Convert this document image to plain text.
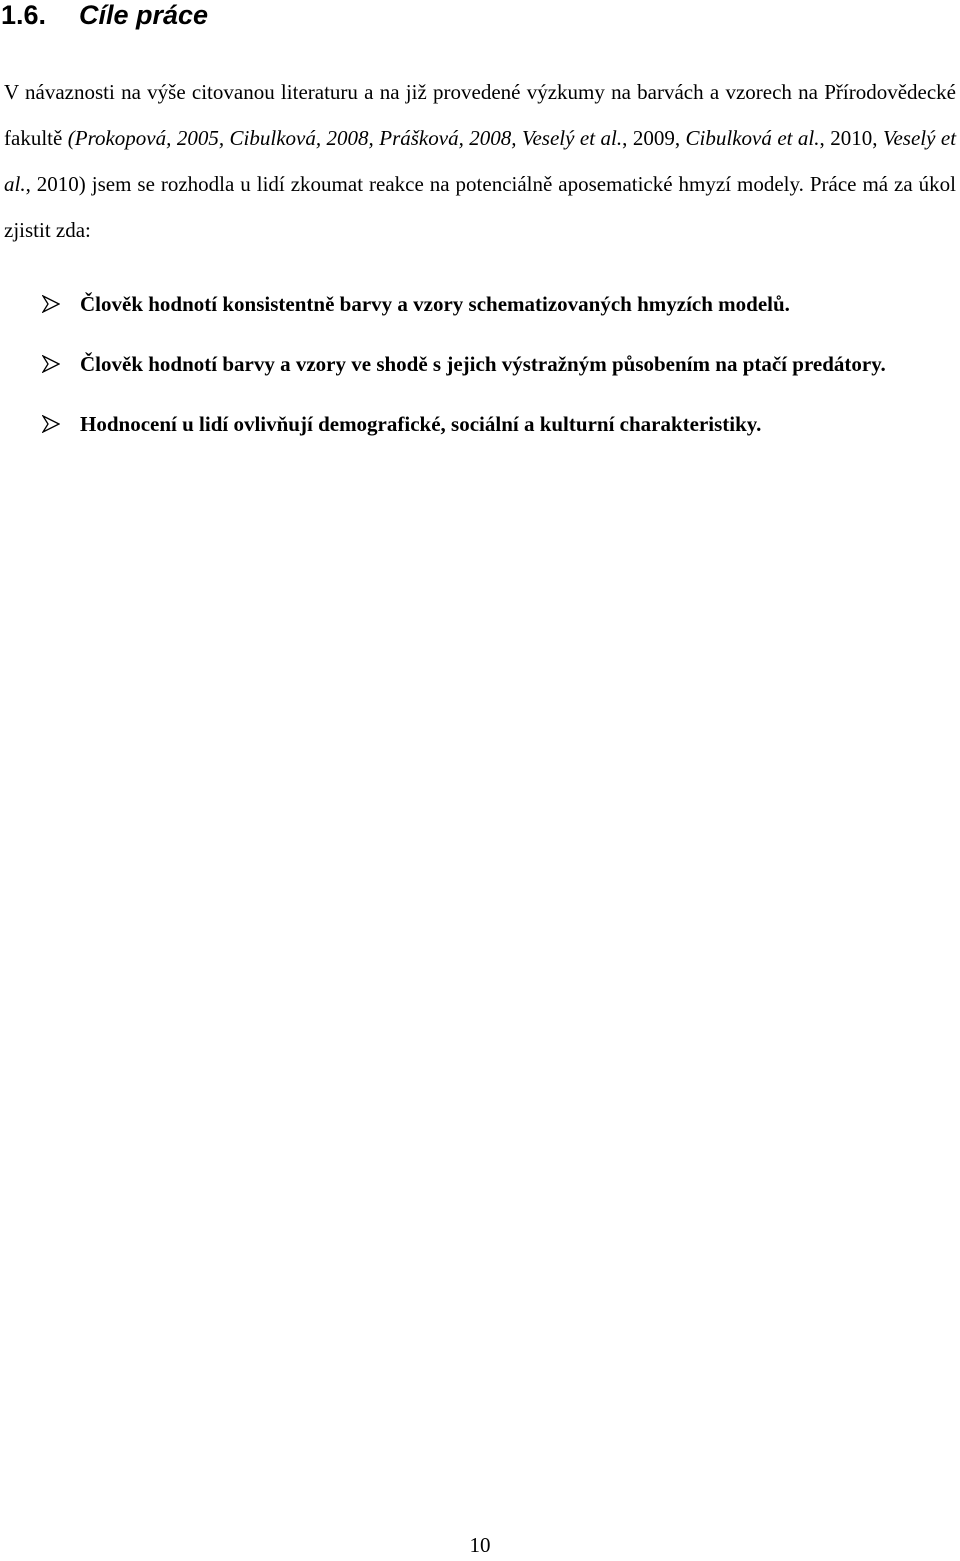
1.6. Cíle práce

V návaznosti na výše citovanou literaturu a na již provedené výzkumy na barvách a vzorech na Přírodovědecké fakultě (Prokopová, 2005, Cibulková, 2008, Prášková, 2008, Veselý et al., 2009, Cibulková et al., 2010, Veselý et al., 2010) jsem se rozhodla u lidí zkoumat reakce na potenciálně aposematické hmyzí modely. Práce má za úkol zjistit zda:

Člověk hodnotí konsistentně barvy a vzory schematizovaných hmyzích modelů.
Člověk hodnotí barvy a vzory ve shodě s jejich výstražným působením na ptačí predátory.
Hodnocení u lidí ovlivňují demografické, sociální a kulturní charakteristiky.
10
